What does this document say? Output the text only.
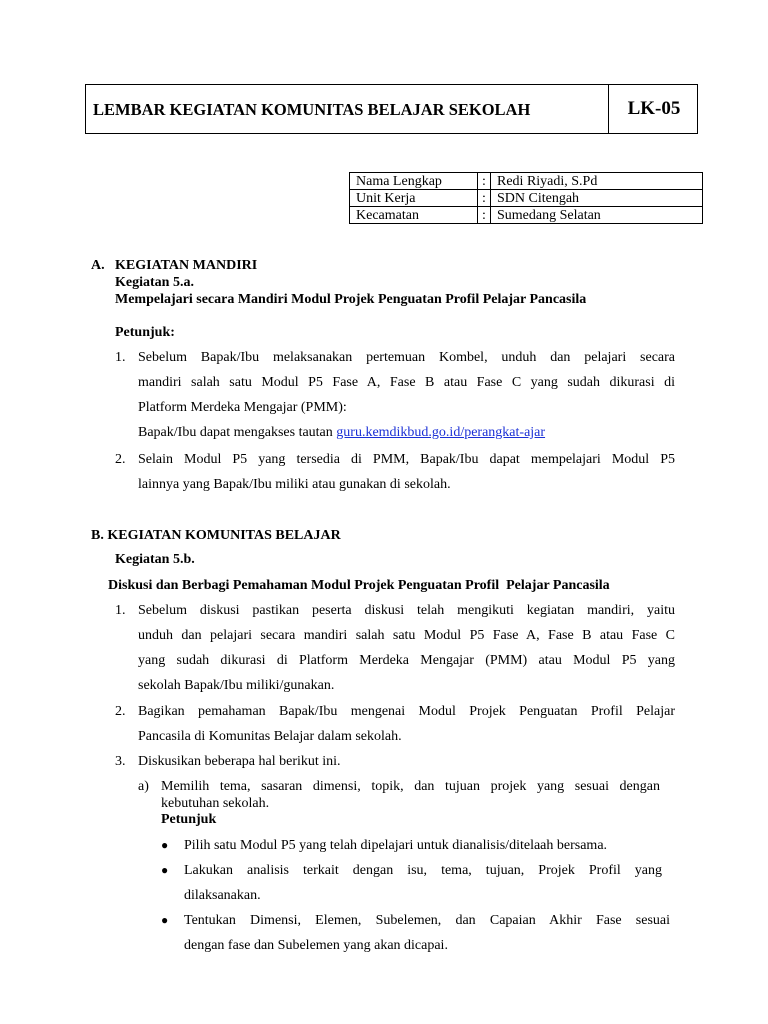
LEMBAR KEGIATAN KOMUNITAS BELAJAR SEKOLAH	LK-05
Nama Lengkap	:	Redi Riyadi, S.Pd
Unit Kerja	:	SDN Citengah
Kecamatan	:	Sumedang Selatan
A. KEGIATAN MANDIRI
Kegiatan 5.a.
Mempelajari secara Mandiri Modul Projek Penguatan Profil Pelajar Pancasila
Petunjuk:
1. Sebelum Bapak/Ibu melaksanakan pertemuan Kombel, unduh dan pelajari secara
mandiri salah satu Modul P5 Fase A, Fase B atau Fase C yang sudah dikurasi di
Platform Merdeka Mengajar (PMM):
Bapak/Ibu dapat mengakses tautan guru.kemdikbud.go.id/perangkat-ajar
2. Selain Modul P5 yang tersedia di PMM, Bapak/Ibu dapat mempelajari Modul P5
lainnya yang Bapak/Ibu miliki atau gunakan di sekolah.
B. KEGIATAN KOMUNITAS BELAJAR
Kegiatan 5.b.
Diskusi dan Berbagi Pemahaman Modul Projek Penguatan Profil  Pelajar Pancasila
1. Sebelum diskusi pastikan peserta diskusi telah mengikuti kegiatan mandiri, yaitu
unduh dan pelajari secara mandiri salah satu Modul P5 Fase A, Fase B atau Fase C
yang sudah dikurasi di Platform Merdeka Mengajar (PMM) atau Modul P5 yang
sekolah Bapak/Ibu miliki/gunakan.
2. Bagikan pemahaman Bapak/Ibu mengenai Modul Projek Penguatan Profil Pelajar
Pancasila di Komunitas Belajar dalam sekolah.
3. Diskusikan beberapa hal berikut ini.
a) Memilih tema, sasaran dimensi, topik, dan tujuan projek yang sesuai dengan
kebutuhan sekolah.
Petunjuk
● Pilih satu Modul P5 yang telah dipelajari untuk dianalisis/ditelaah bersama.
● Lakukan analisis terkait dengan isu, tema, tujuan, Projek Profil yang
dilaksanakan.
● Tentukan Dimensi, Elemen, Subelemen, dan Capaian Akhir Fase sesuai
dengan fase dan Subelemen yang akan dicapai.
